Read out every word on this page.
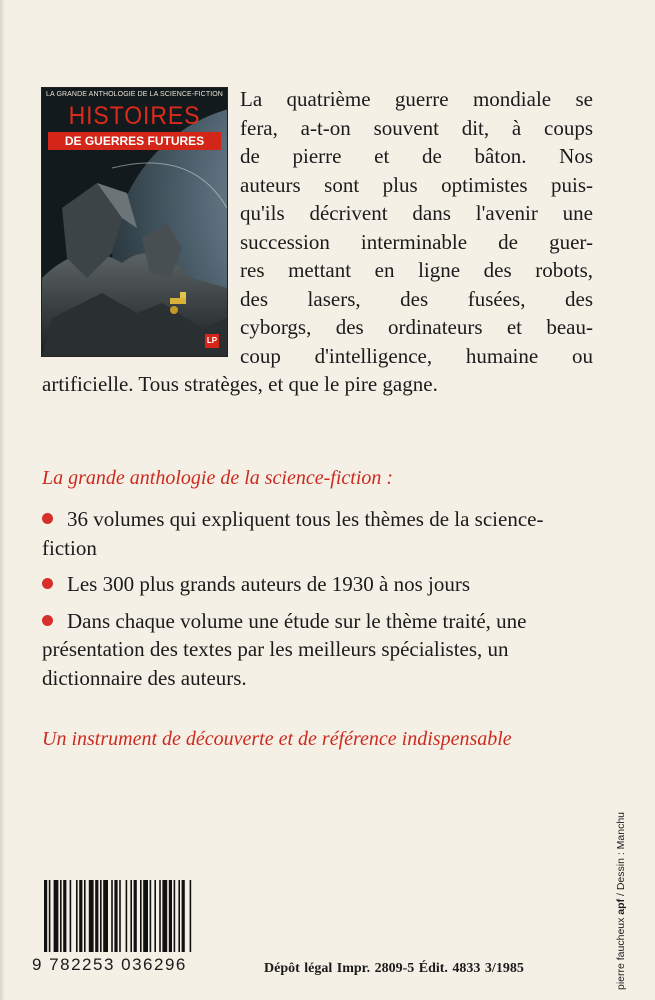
LA GRANDE ANTHOLOGIE DE LA SCIENCE-FICTION
HISTOIRES
DE GUERRES FUTURES
LP
La quatrième guerre mondiale se
fera, a-t-on souvent dit, à coups
de pierre et de bâton. Nos
auteurs sont plus optimistes puis-
qu'ils décrivent dans l'avenir une
succession interminable de guer-
res mettant en ligne des robots,
des lasers, des fusées, des
cyborgs, des ordinateurs et beau-
coup d'intelligence, humaine ou
artificielle. Tous stratèges, et que le pire gagne.
La grande anthologie de la science-fiction :
36 volumes qui expliquent tous les thèmes de la science-fiction
Les 300 plus grands auteurs de 1930 à nos jours
Dans chaque volume une étude sur le thème traité, une présentation des textes par les meilleurs spécialistes, un dictionnaire des auteurs.
Un instrument de découverte et de référence indispensable
9 782253 036296	Dépôt légal Impr. 2809-5 Édit. 4833 3/1985	pierre faucheux apf / Dessin : Manchu
